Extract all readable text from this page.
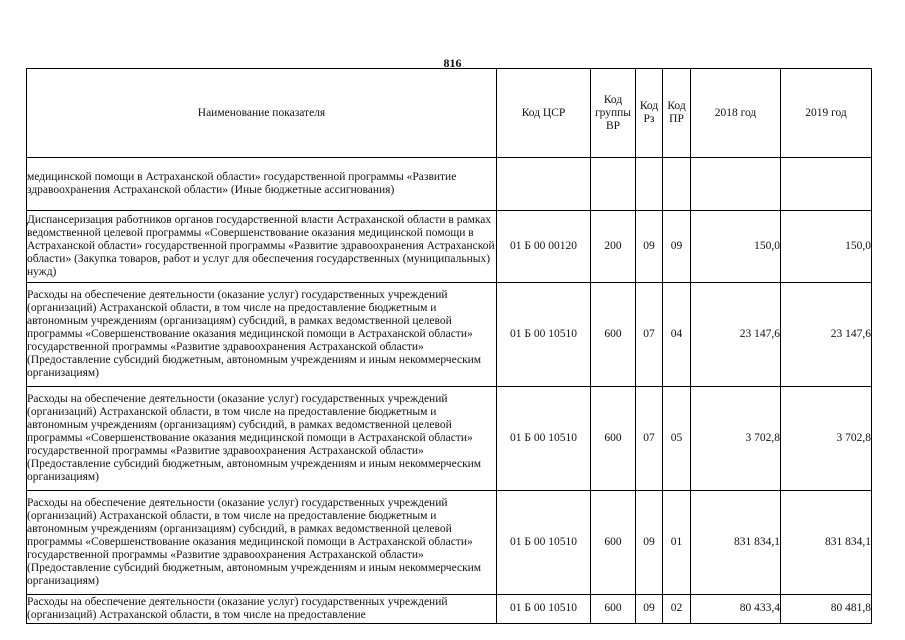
816
Наименование показателя	Код ЦСР	Код группы ВР	Код Рз	Код ПР	2018 год	2019 год
медицинской помощи в Астраханской области» государственной программы «Развитие здравоохранения Астраханской области» (Иные бюджетные ассигнования)						
Диспансеризация работников органов государственной власти Астраханской области в рамках ведомственной целевой программы «Совершенствование оказания медицинской помощи в Астраханской области» государственной программы «Развитие здравоохранения Астраханской области» (Закупка товаров, работ и услуг для обеспечения государственных (муниципальных) нужд)	01 Б 00 00120	200	09	09	150,0	150,0
Расходы на обеспечение деятельности (оказание услуг) государственных учреждений (организаций) Астраханской области, в том числе на предоставление бюджетным и автономным учреждениям (организациям) субсидий, в рамках ведомственной целевой программы «Совершенствование оказания медицинской помощи в Астраханской области» государственной программы «Развитие здравоохранения Астраханской области» (Предоставление субсидий бюджетным, автономным учреждениям и иным некоммерческим организациям)	01 Б 00 10510	600	07	04	23 147,6	23 147,6
Расходы на обеспечение деятельности (оказание услуг) государственных учреждений (организаций) Астраханской области, в том числе на предоставление бюджетным и автономным учреждениям (организациям) субсидий, в рамках ведомственной целевой программы «Совершенствование оказания медицинской помощи в Астраханской области» государственной программы «Развитие здравоохранения Астраханской области» (Предоставление субсидий бюджетным, автономным учреждениям и иным некоммерческим организациям)	01 Б 00 10510	600	07	05	3 702,8	3 702,8
Расходы на обеспечение деятельности (оказание услуг) государственных учреждений (организаций) Астраханской области, в том числе на предоставление бюджетным и автономным учреждениям (организациям) субсидий, в рамках ведомственной целевой программы «Совершенствование оказания медицинской помощи в Астраханской области» государственной программы «Развитие здравоохранения Астраханской области» (Предоставление субсидий бюджетным, автономным учреждениям и иным некоммерческим организациям)	01 Б 00 10510	600	09	01	831 834,1	831 834,1
Расходы на обеспечение деятельности (оказание услуг) государственных учреждений (организаций) Астраханской области, в том числе на предоставление	01 Б 00 10510	600	09	02	80 433,4	80 481,8
